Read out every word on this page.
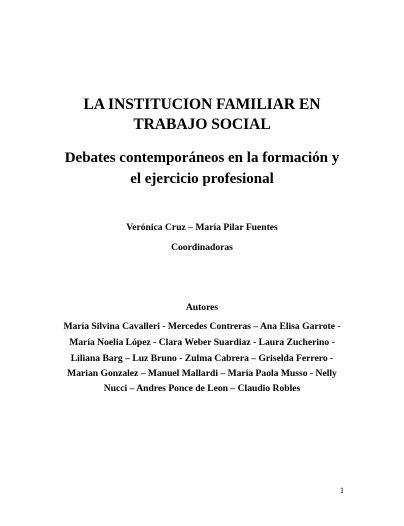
LA INSTITUCION FAMILIAR EN

TRABAJO SOCIAL

Debates contemporáneos en la formación y

el ejercicio profesional

Verónica Cruz – María Pilar Fuentes

Coordinadoras

Autores

María Silvina Cavalleri - Mercedes Contreras – Ana Elisa Garrote -

María Noelia López - Clara Weber Suardiaz - Laura Zucherino -

Liliana Barg – Luz Bruno - Zulma Cabrera – Griselda Ferrero -

Marian Gonzalez – Manuel Mallardi – María Paola Musso - Nelly

Nucci – Andres Ponce de Leon – Claudio Robles

1
